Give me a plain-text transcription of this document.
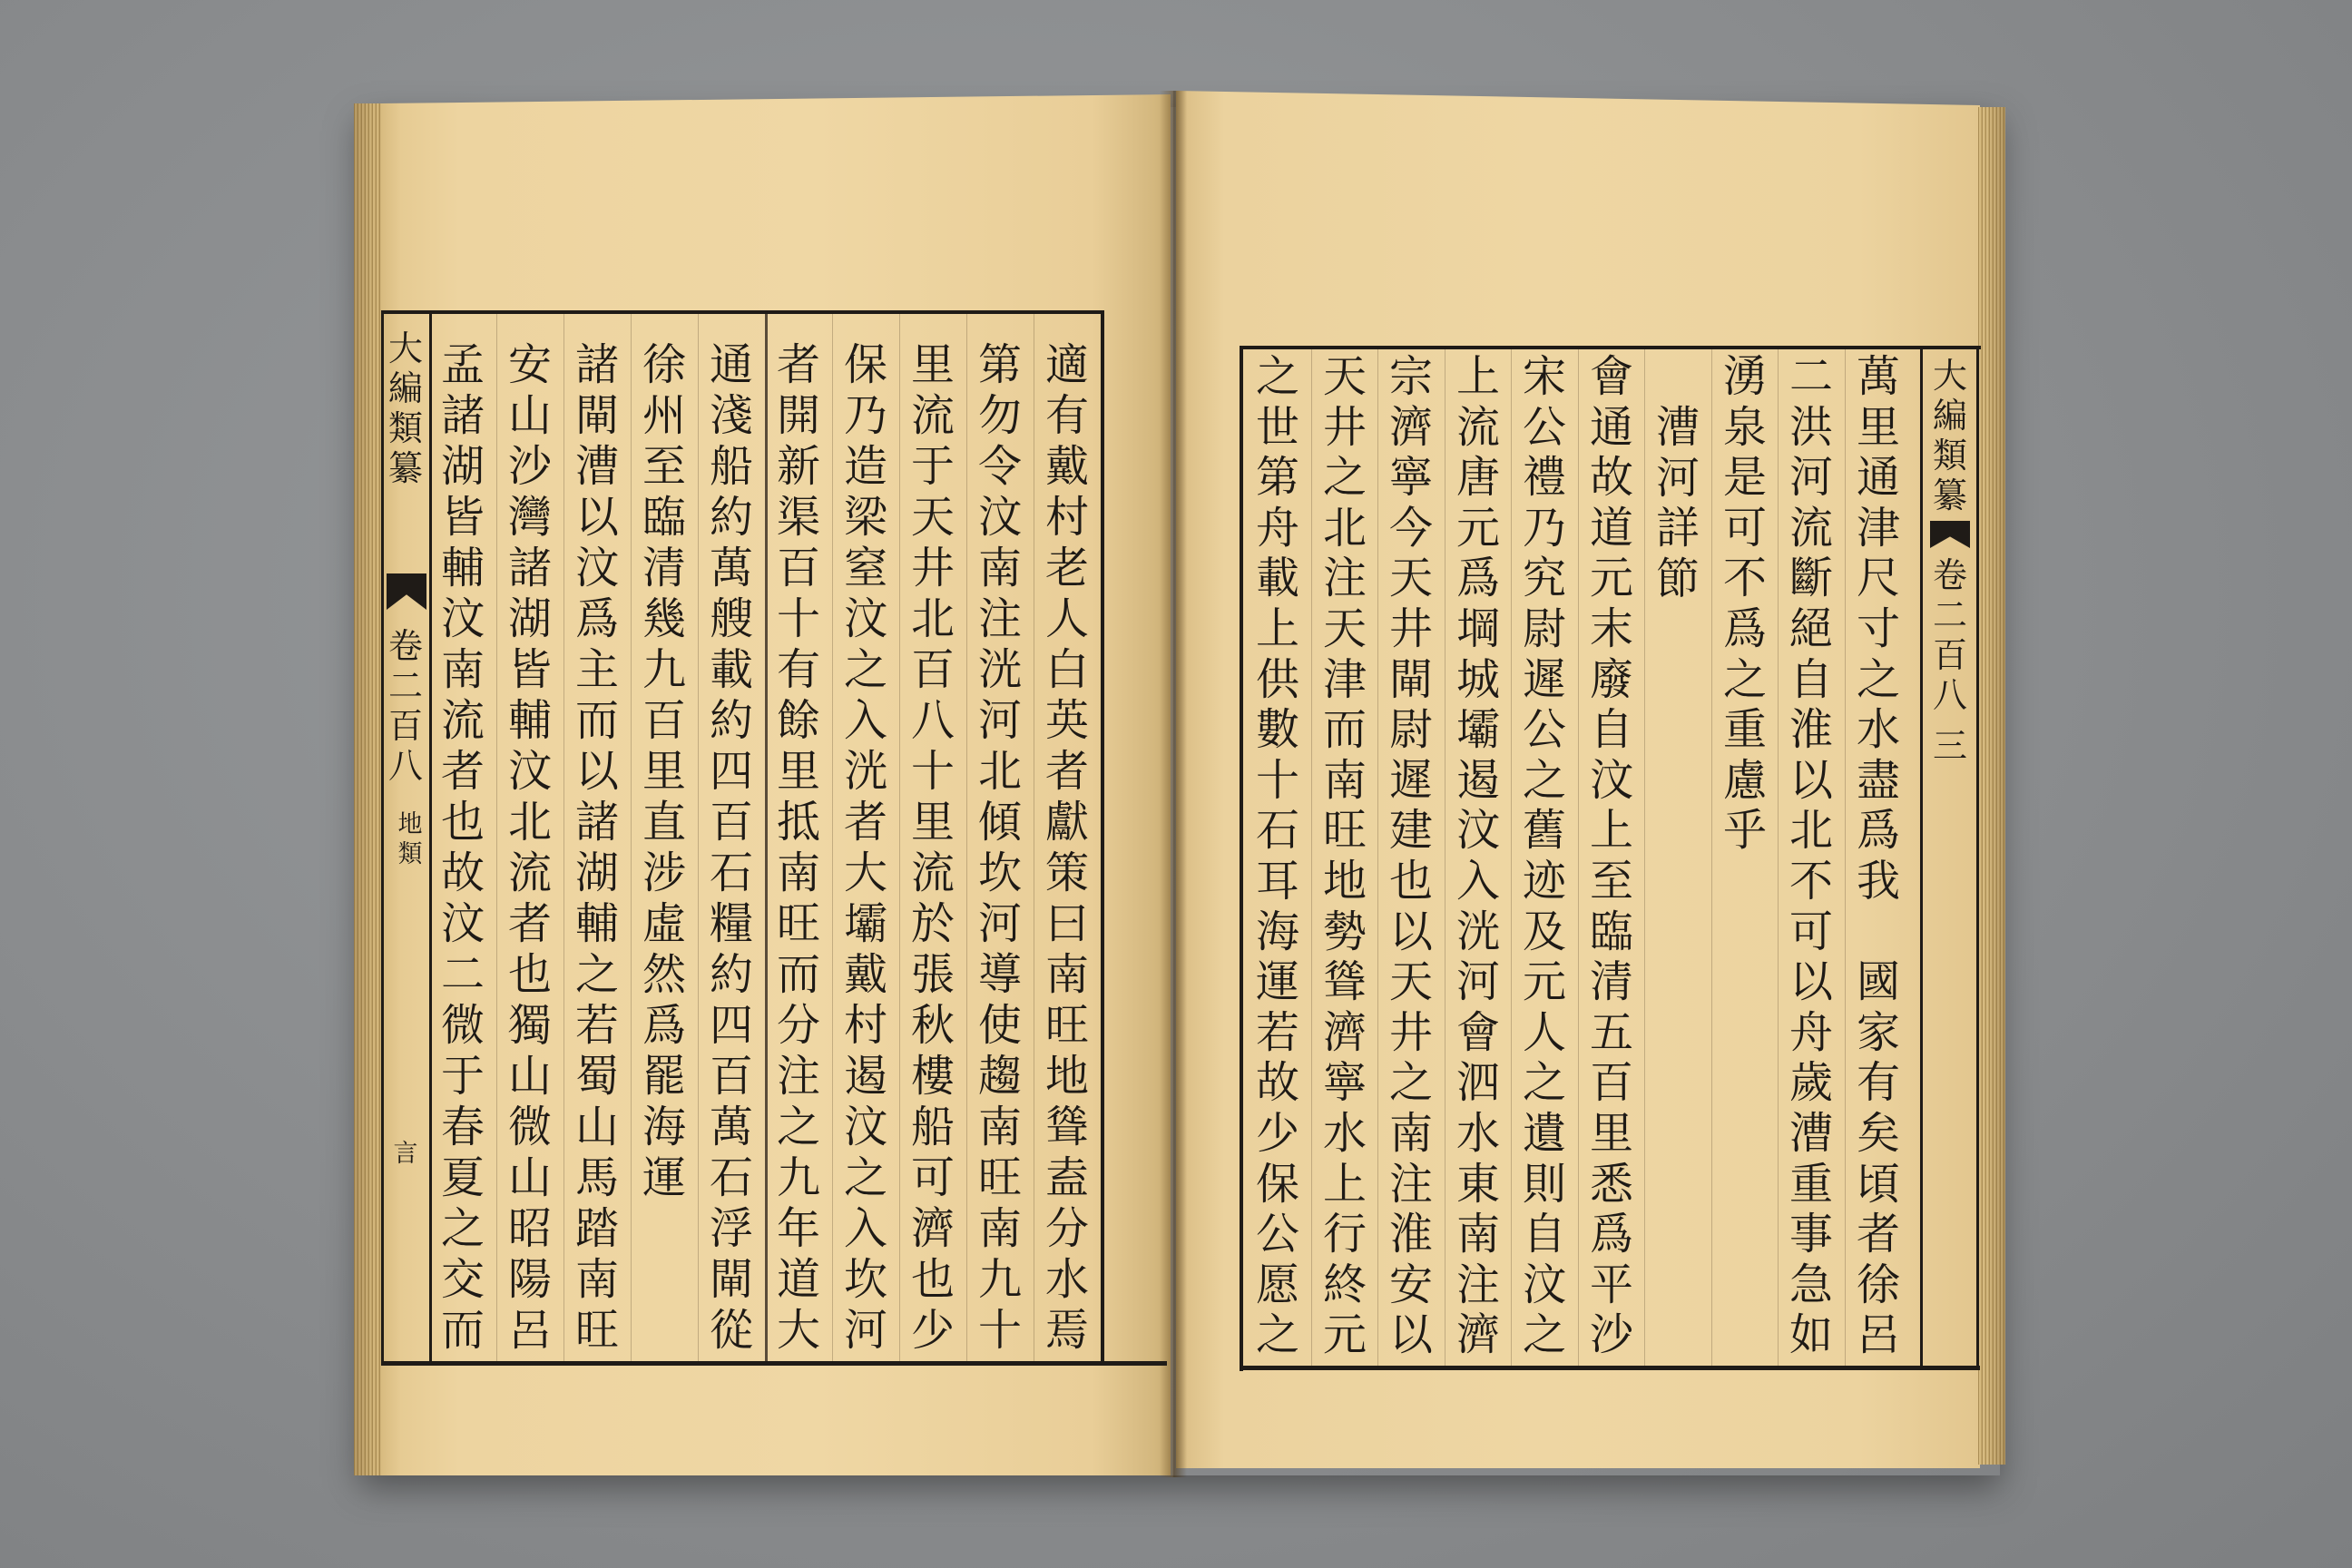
大
編
類
纂
卷
二
百
八
地
類
言
適
有
戴
村
老
人
白
英
者
獻
策
曰
南
旺
地
聳
盍
分
水
焉
第
勿
令
汶
南
注
洸
河
北
傾
坎
河
導
使
趨
南
旺
南
九
十
里
流
于
天
井
北
百
八
十
里
流
於
張
秋
樓
船
可
濟
也
少
保
乃
造
梁
窒
汶
之
入
洸
者
大
壩
戴
村
遏
汶
之
入
坎
河
者
開
新
渠
百
十
有
餘
里
抵
南
旺
而
分
注
之
九
年
道
大
通
淺
船
約
萬
艘
載
約
四
百
石
糧
約
四
百
萬
石
浮
閘
從
徐
州
至
臨
清
幾
九
百
里
直
涉
虛
然
爲
罷
海
運
諸
閘
漕
以
汶
爲
主
而
以
諸
湖
輔
之
若
蜀
山
馬
踏
南
旺
安
山
沙
灣
諸
湖
皆
輔
汶
北
流
者
也
獨
山
微
山
昭
陽
呂
孟
諸
湖
皆
輔
汶
南
流
者
也
故
汶
二
微
于
春
夏
之
交
而
大
編
類
纂
卷
二
百
八
三
萬
里
通
津
尺
寸
之
水
盡
爲
我

國
家
有
矣
頃
者
徐
呂
二
洪
河
流
斷
絕
自
淮
以
北
不
可
以
舟
歲
漕
重
事
急
如
湧
泉
是
可
不
爲
之
重
慮
乎
漕
河
詳
節
會
通
故
道
元
末
廢
自
汶
上
至
臨
清
五
百
里
悉
爲
平
沙
宋
公
禮
乃
究
尉
遲
公
之
舊
迹
及
元
人
之
遺
則
自
汶
之
上
流
唐
元
爲
堈
城
壩
遏
汶
入
洸
河
會
泗
水
東
南
注
濟
宗
濟
寧
今
天
井
閘
尉
遲
建
也
以
天
井
之
南
注
淮
安
以
天
井
之
北
注
天
津
而
南
旺
地
勢
聳
濟
寧
水
上
行
終
元
之
世
第
舟
載
上
供
數
十
石
耳
海
運
若
故
少
保
公
愿
之
